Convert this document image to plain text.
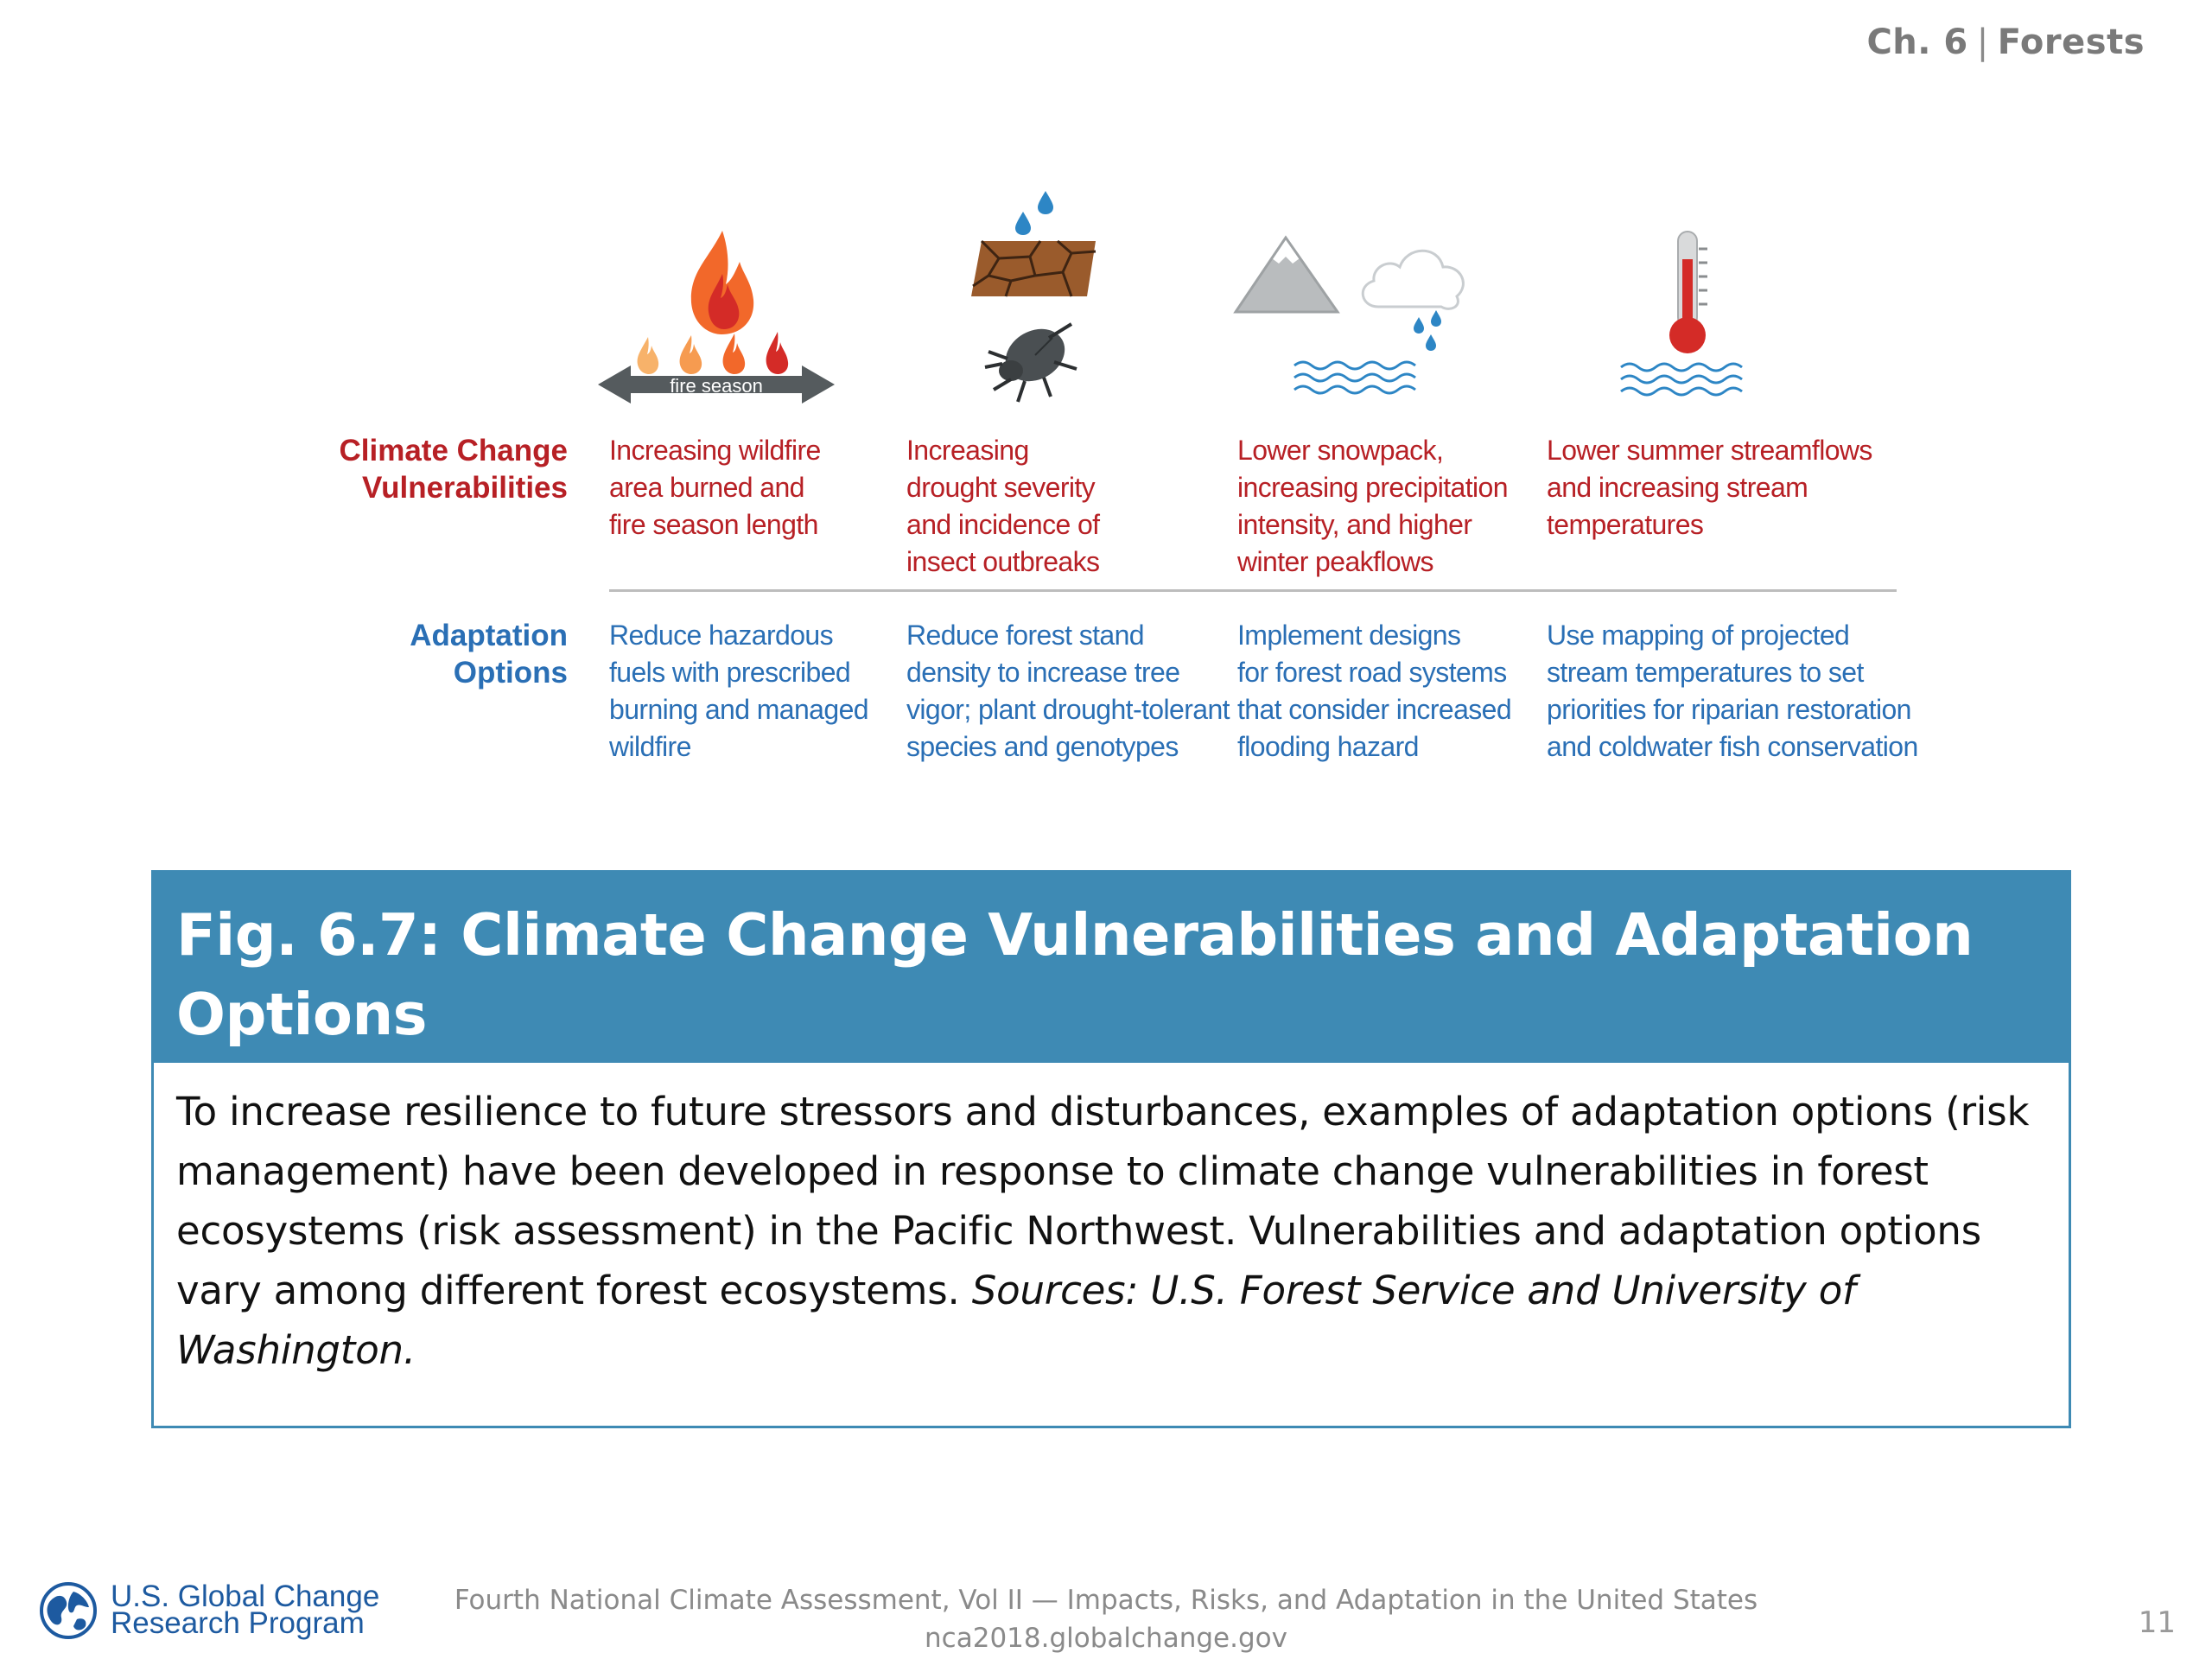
Ch. 6 | Forests
fire season
Climate Change
Vulnerabilities
Adaptation
Options
Increasing wildfire
area burned and
fire season length
Increasing
drought severity
and incidence of
insect outbreaks
Lower snowpack,
increasing precipitation
intensity, and higher
winter peakflows
Lower summer streamflows
and increasing stream
temperatures
Reduce hazardous
fuels with prescribed
burning and managed
wildfire
Reduce forest stand
density to increase tree
vigor; plant drought-tolerant
species and genotypes
Implement designs
for forest road systems
that consider increased
flooding hazard
Use mapping of projected
stream temperatures to set
priorities for riparian restoration
and coldwater fish conservation
Fig. 6.7: Climate Change Vulnerabilities and Adaptation
Options
To increase resilience to future stressors and disturbances, examples of adaptation options (risk management) have been developed in response to climate change vulnerabilities in forest ecosystems (risk assessment) in the Pacific Northwest. Vulnerabilities and adaptation options vary among different forest ecosystems. Sources: U.S. Forest Service and University of Washington.
U.S. Global Change
Research Program
Fourth National Climate Assessment, Vol II — Impacts, Risks, and Adaptation in the United States
nca2018.globalchange.gov	11
